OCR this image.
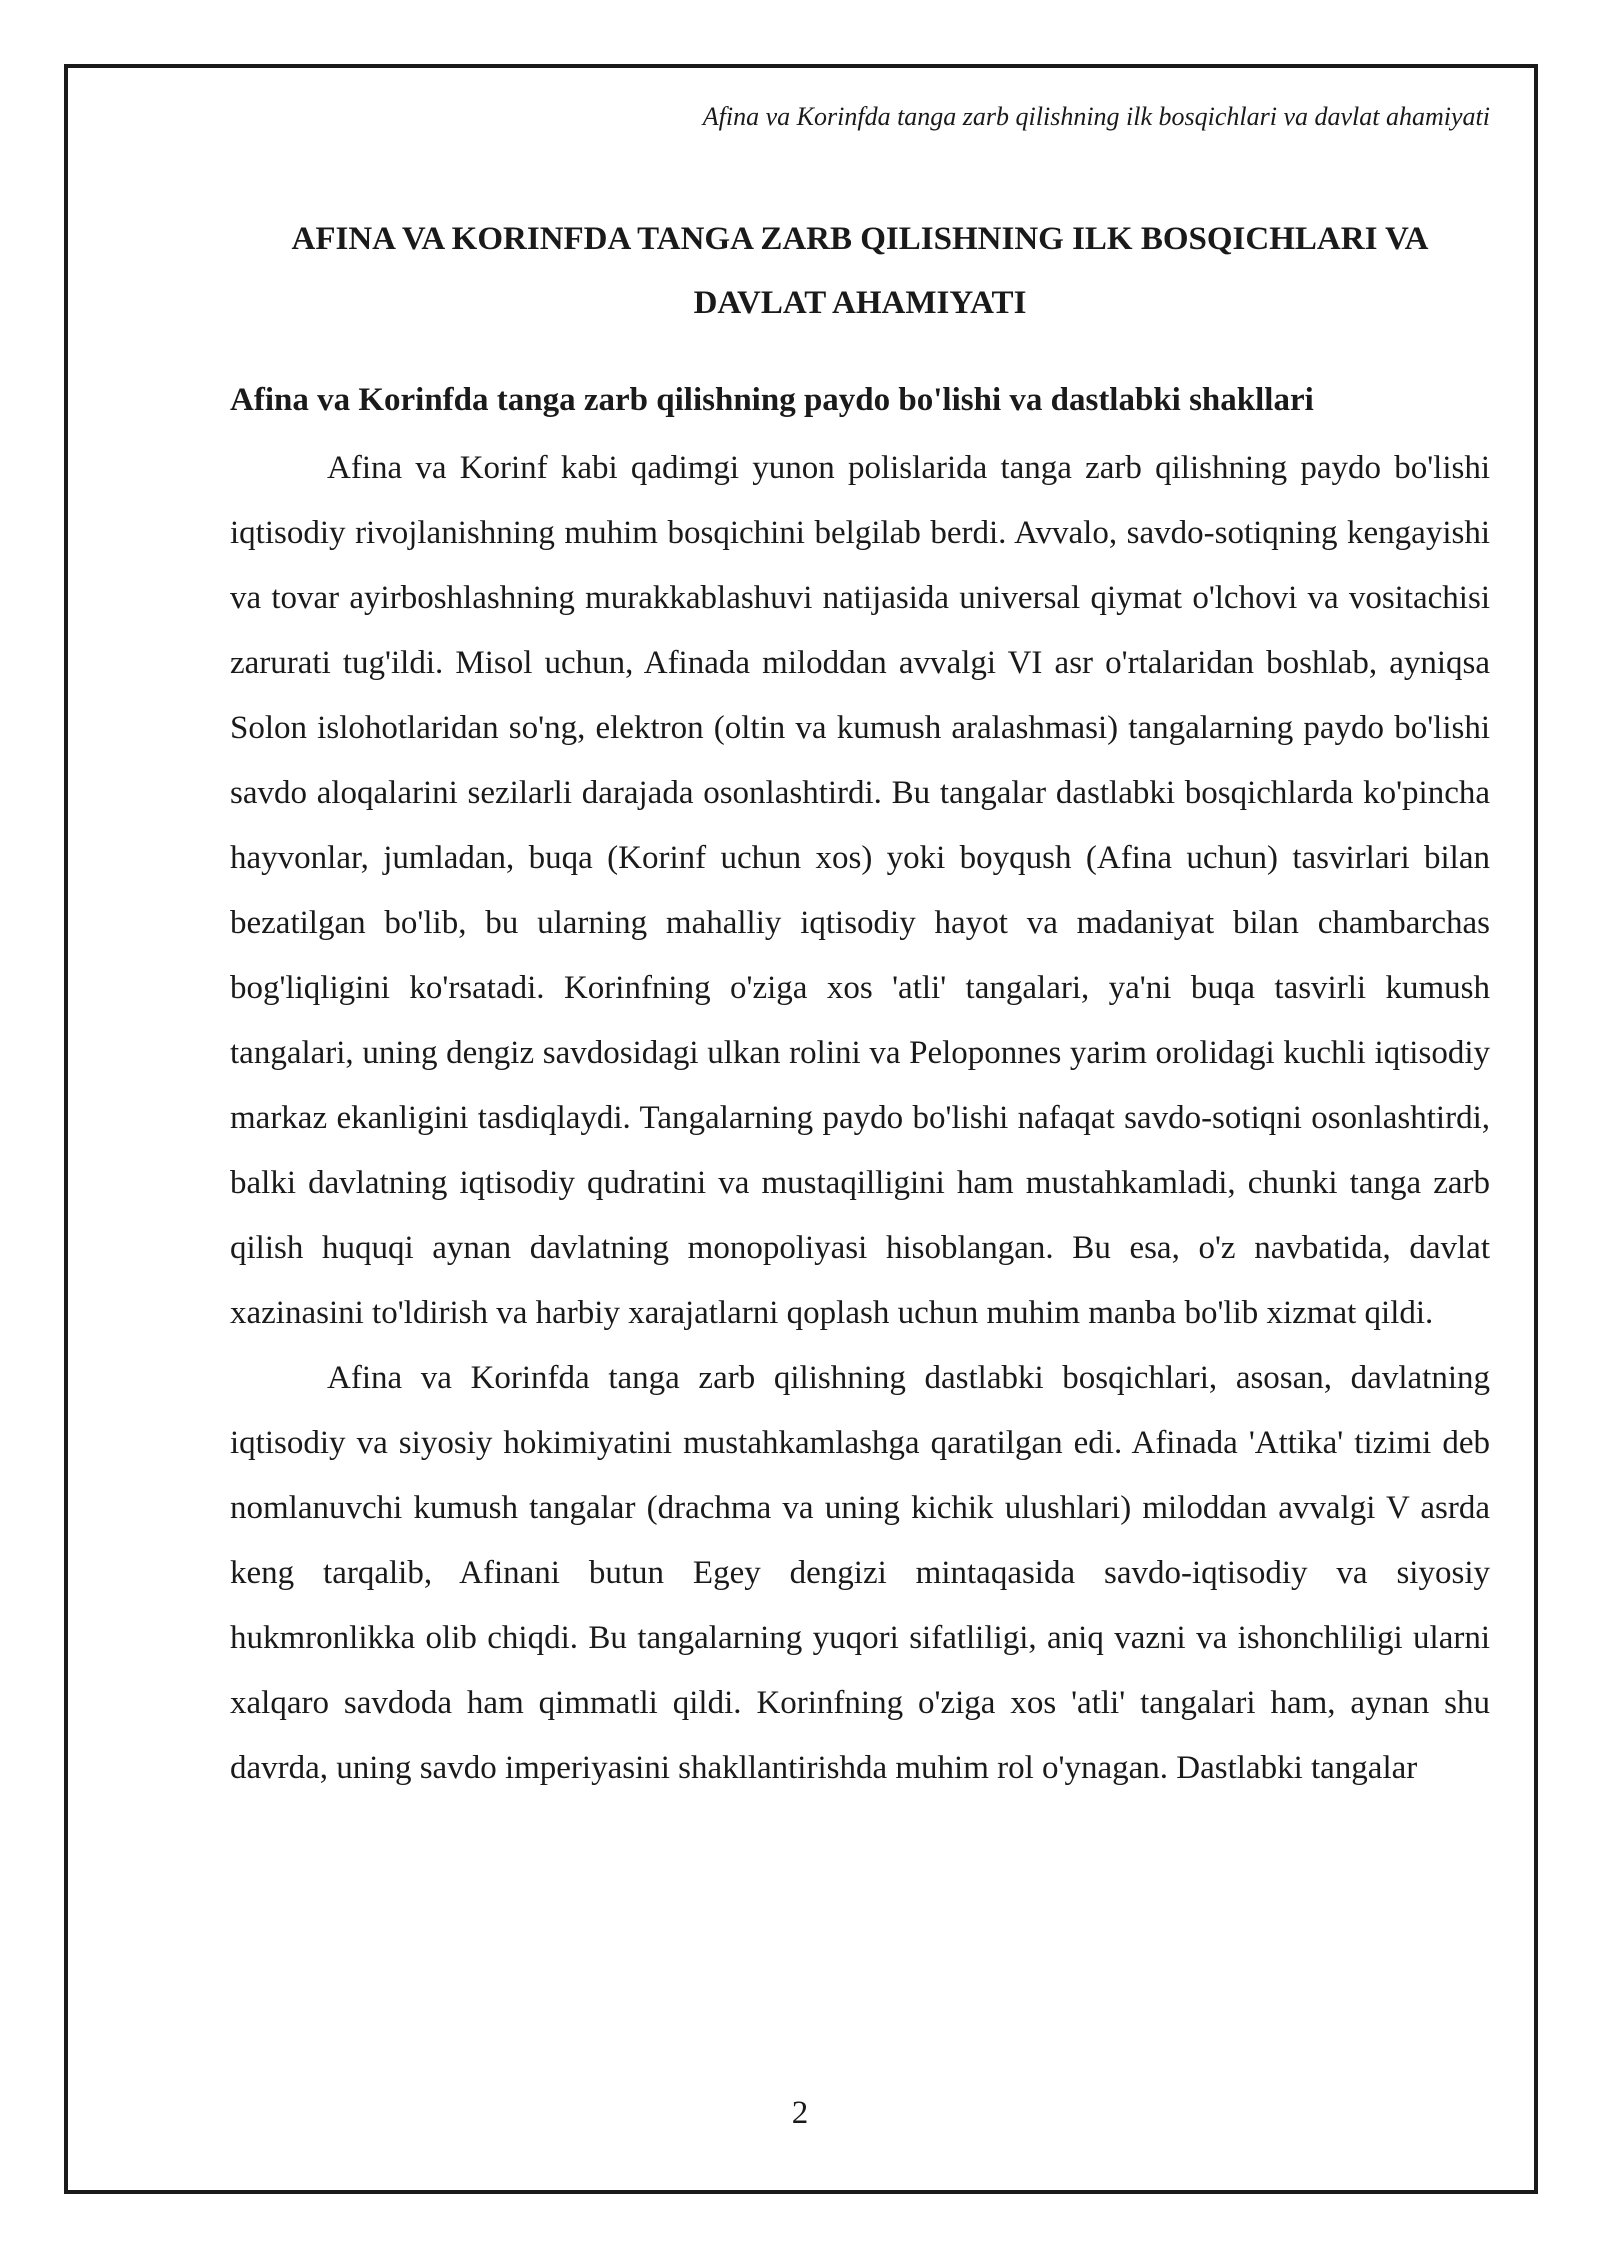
Afina va Korinfda tanga zarb qilishning ilk bosqichlari va davlat ahamiyati
AFINA VA KORINFDA TANGA ZARB QILISHNING ILK BOSQICHLARI VA DAVLAT AHAMIYATI
Afina va Korinfda tanga zarb qilishning paydo bo'lishi va dastlabki shakllari

Afina va Korinf kabi qadimgi yunon polislarida tanga zarb qilishning paydo bo'lishi iqtisodiy rivojlanishning muhim bosqichini belgilab berdi. Avvalo, savdo-sotiqning kengayishi va tovar ayirboshlashning murakkablashuvi natijasida universal qiymat o'lchovi va vositachisi zarurati tug'ildi. Misol uchun, Afinada miloddan avvalgi VI asr o'rtalaridan boshlab, ayniqsa Solon islohotlaridan so'ng, elektron (oltin va kumush aralashmasi) tangalarning paydo bo'lishi savdo aloqalarini sezilarli darajada osonlashtirdi. Bu tangalar dastlabki bosqichlarda ko'pincha hayvonlar, jumladan, buqa (Korinf uchun xos) yoki boyqush (Afina uchun) tasvirlari bilan bezatilgan bo'lib, bu ularning mahalliy iqtisodiy hayot va madaniyat bilan chambarchas bog'liqligini ko'rsatadi. Korinfning o'ziga xos 'atli' tangalari, ya'ni buqa tasvirli kumush tangalari, uning dengiz savdosidagi ulkan rolini va Peloponnes yarim orolidagi kuchli iqtisodiy markaz ekanligini tasdiqlaydi. Tangalarning paydo bo'lishi nafaqat savdo-sotiqni osonlashtirdi, balki davlatning iqtisodiy qudratini va mustaqilligini ham mustahkamladi, chunki tanga zarb qilish huquqi aynan davlatning monopoliyasi hisoblangan. Bu esa, o'z navbatida, davlat xazinasini to'ldirish va harbiy xarajatlarni qoplash uchun muhim manba bo'lib xizmat qildi.

Afina va Korinfda tanga zarb qilishning dastlabki bosqichlari, asosan, davlatning iqtisodiy va siyosiy hokimiyatini mustahkamlashga qaratilgan edi. Afinada 'Attika' tizimi deb nomlanuvchi kumush tangalar (drachma va uning kichik ulushlari) miloddan avvalgi V asrda keng tarqalib, Afinani butun Egey dengizi mintaqasida savdo-iqtisodiy va siyosiy hukmronlikka olib chiqdi. Bu tangalarning yuqori sifatliligi, aniq vazni va ishonchliligi ularni xalqaro savdoda ham qimmatli qildi. Korinfning o'ziga xos 'atli' tangalari ham, aynan shu davrda, uning savdo imperiyasini shakllantirishda muhim rol o'ynagan. Dastlabki tangalar

2
